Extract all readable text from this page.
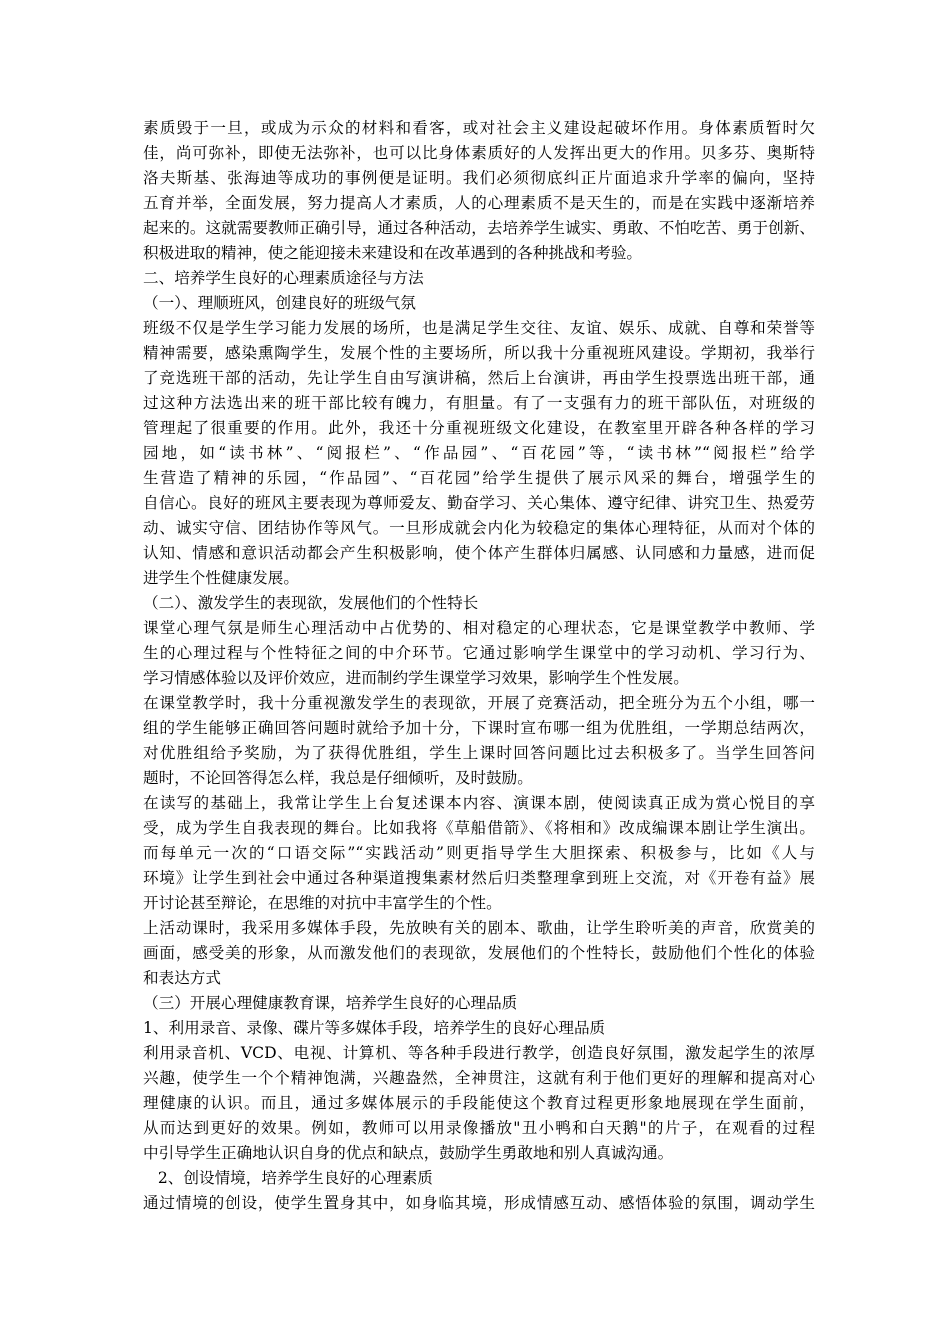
素质毁于一旦，或成为示众的材料和看客，或对社会主义建设起破坏作用。身体素质暂时欠
佳，尚可弥补，即使无法弥补，也可以比身体素质好的人发挥出更大的作用。贝多芬、奥斯特
洛夫斯基、张海迪等成功的事例便是证明。我们必须彻底纠正片面追求升学率的偏向，坚持
五育并举，全面发展，努力提高人才素质，人的心理素质不是天生的，而是在实践中逐渐培养
起来的。这就需要教师正确引导，通过各种活动，去培养学生诚实、勇敢、不怕吃苦、勇于创新、
积极进取的精神，使之能迎接未来建设和在改革遇到的各种挑战和考验。
二、培养学生良好的心理素质途径与方法
（一）、理顺班风，创建良好的班级气氛
班级不仅是学生学习能力发展的场所，也是满足学生交往、友谊、娱乐、成就、自尊和荣誉等
精神需要，感染熏陶学生，发展个性的主要场所，所以我十分重视班风建设。学期初，我举行
了竞选班干部的活动，先让学生自由写演讲稿，然后上台演讲，再由学生投票选出班干部，通
过这种方法选出来的班干部比较有魄力，有胆量。有了一支强有力的班干部队伍，对班级的
管理起了很重要的作用。此外，我还十分重视班级文化建设，在教室里开辟各种各样的学习
园地，如“读书林”、“阅报栏”、“作品园”、“百花园”等，“读书林”“阅报栏”给学
生营造了精神的乐园，“作品园”、“百花园”给学生提供了展示风采的舞台，增强学生的
自信心。良好的班风主要表现为尊师爱友、勤奋学习、关心集体、遵守纪律、讲究卫生、热爱劳
动、诚实守信、团结协作等风气。一旦形成就会内化为较稳定的集体心理特征，从而对个体的
认知、情感和意识活动都会产生积极影响，使个体产生群体归属感、认同感和力量感，进而促
进学生个性健康发展。
（二）、激发学生的表现欲，发展他们的个性特长
课堂心理气氛是师生心理活动中占优势的、相对稳定的心理状态，它是课堂教学中教师、学
生的心理过程与个性特征之间的中介环节。它通过影响学生课堂中的学习动机、学习行为、
学习情感体验以及评价效应，进而制约学生课堂学习效果，影响学生个性发展。
在课堂教学时，我十分重视激发学生的表现欲，开展了竞赛活动，把全班分为五个小组，哪一
组的学生能够正确回答问题时就给予加十分，下课时宣布哪一组为优胜组，一学期总结两次，
对优胜组给予奖励，为了获得优胜组，学生上课时回答问题比过去积极多了。当学生回答问
题时，不论回答得怎么样，我总是仔细倾听，及时鼓励。
在读写的基础上，我常让学生上台复述课本内容、演课本剧，使阅读真正成为赏心悦目的享
受，成为学生自我表现的舞台。比如我将《草船借箭》、《将相和》改成编课本剧让学生演出。
而每单元一次的“口语交际”“实践活动”则更指导学生大胆探索、积极参与，比如《人与
环境》让学生到社会中通过各种渠道搜集素材然后归类整理拿到班上交流，对《开卷有益》展
开讨论甚至辩论，在思维的对抗中丰富学生的个性。
上活动课时，我采用多媒体手段，先放映有关的剧本、歌曲，让学生聆听美的声音，欣赏美的
画面，感受美的形象，从而激发他们的表现欲，发展他们的个性特长，鼓励他们个性化的体验
和表达方式
（三）开展心理健康教育课，培养学生良好的心理品质
1、利用录音、录像、碟片等多媒体手段，培养学生的良好心理品质
利用录音机、VCD、电视、计算机、等各种手段进行教学，创造良好氛围，激发起学生的浓厚
兴趣，使学生一个个精神饱满，兴趣盎然，全神贯注，这就有利于他们更好的理解和提高对心
理健康的认识。而且，通过多媒体展示的手段能使这个教育过程更形象地展现在学生面前，
从而达到更好的效果。例如，教师可以用录像播放"丑小鸭和白天鹅"的片子，在观看的过程
中引导学生正确地认识自身的优点和缺点，鼓励学生勇敢地和别人真诚沟通。
2、创设情境，培养学生良好的心理素质
通过情境的创设，使学生置身其中，如身临其境，形成情感互动、感悟体验的氛围，调动学生
